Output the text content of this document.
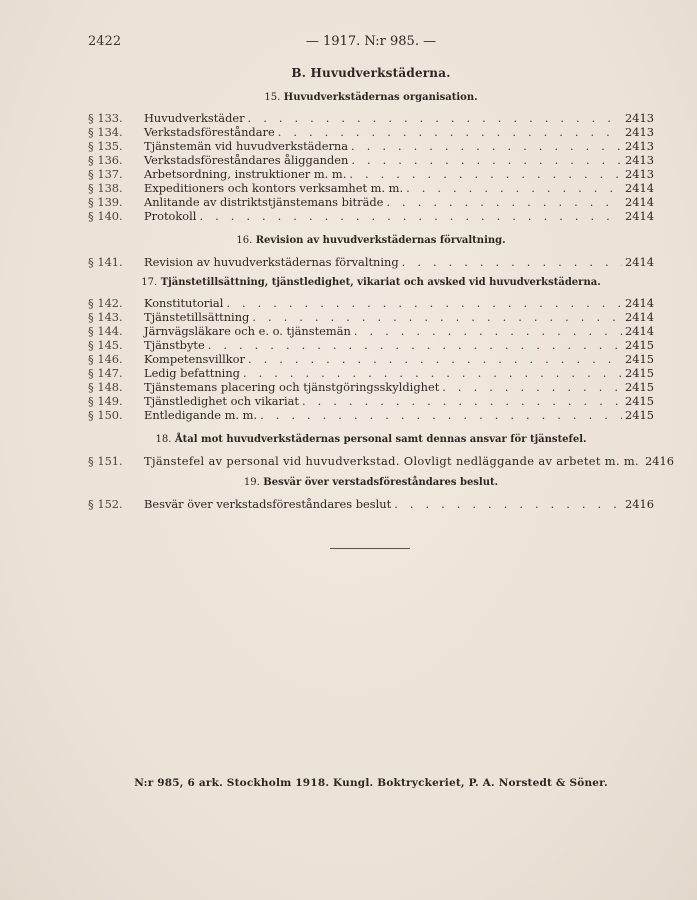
2422	— 1917. N:r 985. —
B. Huvudverkstäderna.
15. Huvudverkstädernas organisation.
§ 133.	Huvudverkstäder . . .	2413
§ 134.	Verkstadsföreståndare . . .	2413
§ 135.	Tjänstemän vid huvudverkstäderna . . .	2413
§ 136.	Verkstadsföreståndares åligganden . . .	2413
§ 137.	Arbetsordning, instruktioner m. m. . . .	2413
§ 138.	Expeditioners och kontors verksamhet m. m. . . .	2414
§ 139.	Anlitande av distriktstjänstemans biträde . . .	2414
§ 140.	Protokoll . . .	2414
16. Revision av huvudverkstädernas förvaltning.
§ 141.	Revision av huvudverkstädernas förvaltning . . .	2414
17. Tjänstetillsättning, tjänstledighet, vikariat och avsked vid huvudverkstäderna.
§ 142.	Konstitutorial . . .	2414
§ 143.	Tjänstetillsättning . . .	2414
§ 144.	Järnvägsläkare och e. o. tjänstemän . . .	2414
§ 145.	Tjänstbyte . . .	2415
§ 146.	Kompetensvillkor . . .	2415
§ 147.	Ledig befattning . . .	2415
§ 148.	Tjänstemans placering och tjänstgöringsskyldighet . . .	2415
§ 149.	Tjänstledighet och vikariat . . .	2415
§ 150.	Entledigande m. m. . . .	2415
18. Åtal mot huvudverkstädernas personal samt dennas ansvar för tjänstefel.
§ 151.	Tjänstefel av personal vid huvudverkstad. Olovligt nedläggande av arbetet m. m. 2416
19. Besvär över verstadsföreståndares beslut.
§ 152.	Besvär över verkstadsföreståndares beslut . . .	2416
N:r 985, 6 ark. Stockholm 1918. Kungl. Boktryckeriet, P. A. Norstedt & Söner.
